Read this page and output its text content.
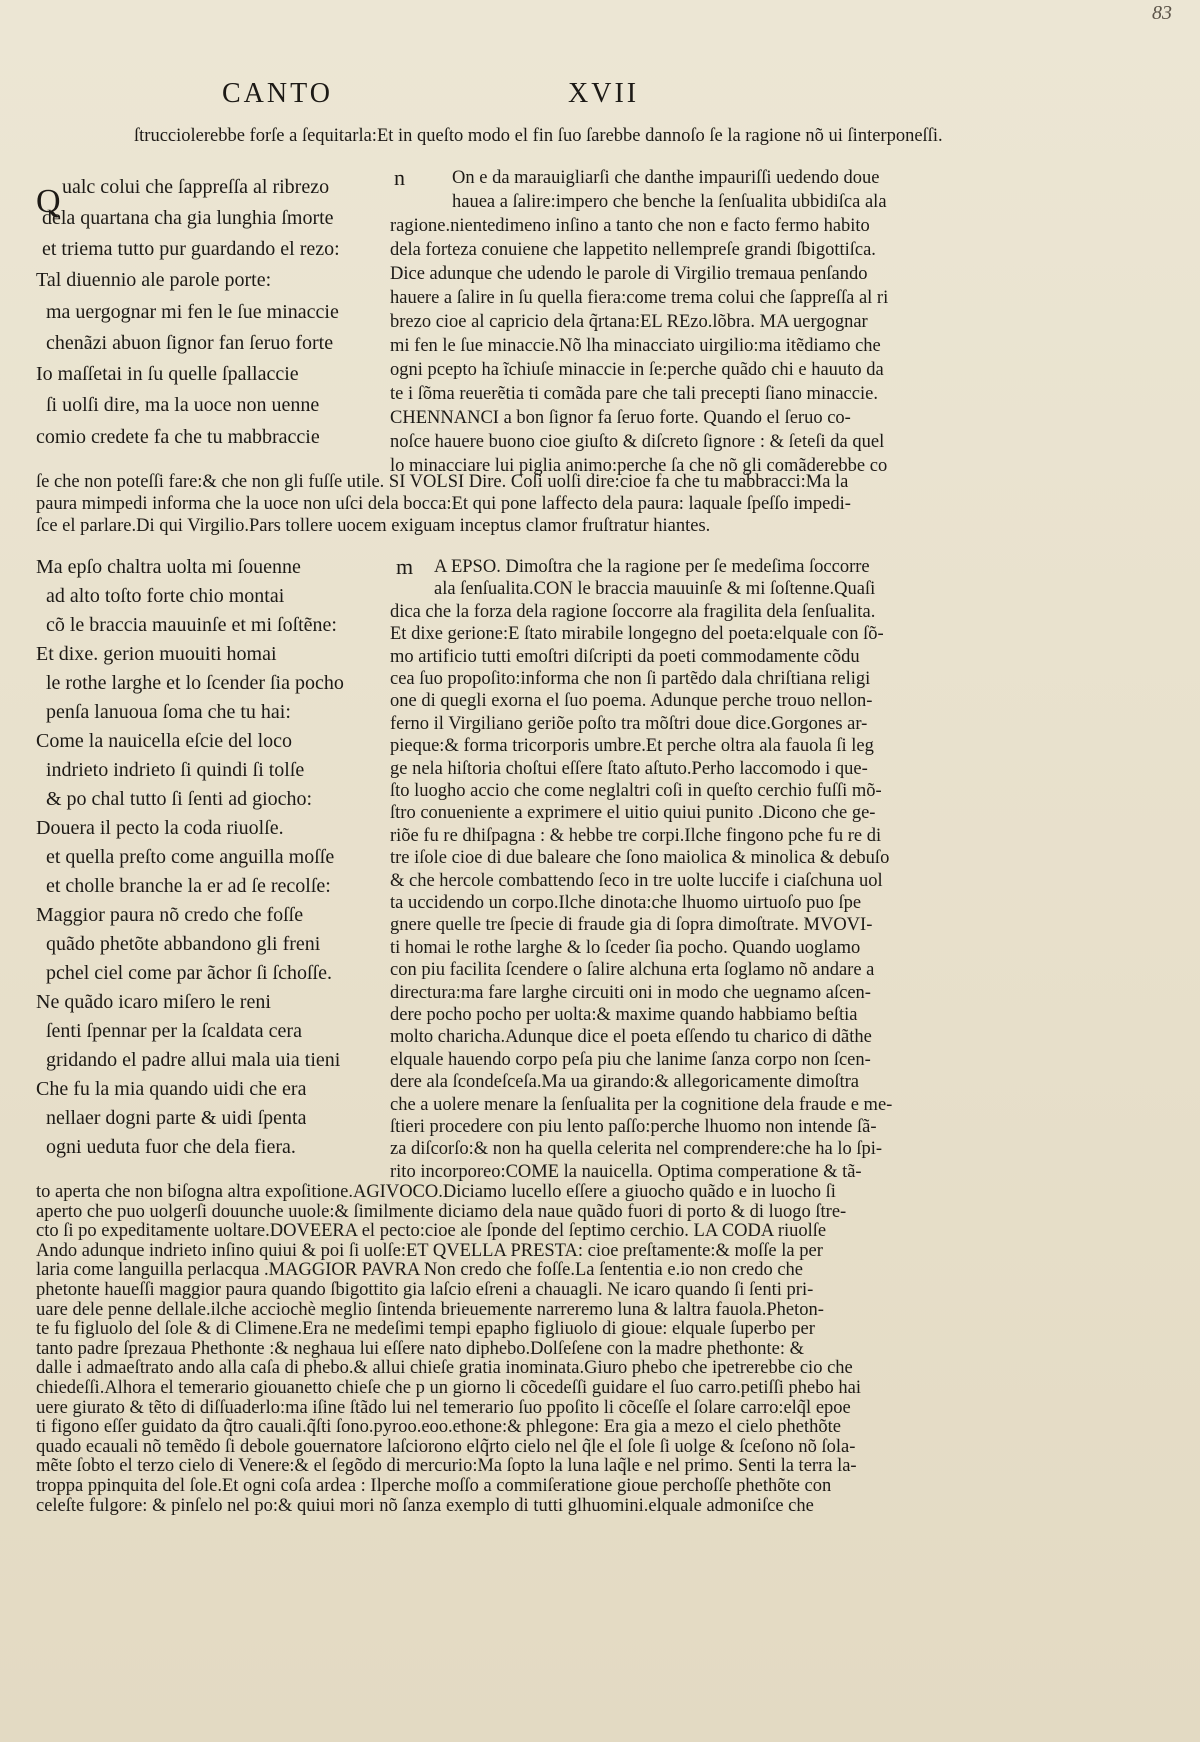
83
CANTO	XVII
ſtrucciolerebbe forſe a ſequitarla:Et in queſto modo el fin ſuo ſarebbe dannoſo ſe la ragione nõ ui ſinterponeſſi.
Q ualc colui che ſappreſſa al ribrezo
dela quartana cha gia lunghia ſmorte
et triema tutto pur guardando el rezo:
Tal diuennio ale parole porte:
ma uergognar mi fen le ſue minaccie
chenãzi abuon ſignor fan ſeruo forte
Io maſſetai in ſu quelle ſpallaccie
ſi uolſi dire, ma la uoce non uenne
comio credete fa che tu mabbraccie
n	On e da marauigliarſi che danthe impauriſſi uedendo doue
hauea a ſalire:impero che benche la ſenſualita ubbidiſca ala
ragione.nientedimeno inſino a tanto che non e facto fermo habito
dela forteza conuiene che lappetito nellempreſe grandi ſbigottiſca.
Dice adunque che udendo le parole di Virgilio tremaua penſando
hauere a ſalire in ſu quella fiera:come trema colui che ſappreſſa al ri
brezo cioe al capricio dela q̃rtana:EL REzo.lõbra. MA uergognar
mi fen le ſue minaccie.Nõ lha minacciato uirgilio:ma itẽdiamo che
ogni pcepto ha ĩchiuſe minaccie in ſe:perche quãdo chi e hauuto da
te i ſõma reuerẽtia ti comãda pare che tali precepti ſiano minaccie.
CHENNANCI a bon ſignor fa ſeruo forte. Quando el ſeruo co-
noſce hauere buono cioe giuſto & diſcreto ſignore : & ſeteſi da quel
lo minacciare lui piglia animo:perche ſa che nõ gli comãderebbe co
ſe che non poteſſi fare:& che non gli fuſſe utile. SI VOLSI Dire. Coſi uolſi dire:cioe fa che tu mabbracci:Ma la
paura mimpedi informa che la uoce non uſci dela bocca:Et qui pone laffecto dela paura: laquale ſpeſſo impedi-
ſce el parlare.Di qui Virgilio.Pars tollere uocem exiguam inceptus clamor fruſtratur hiantes.
Ma epſo chaltra uolta mi ſouenne
ad alto toſto forte chio montai
cõ le braccia mauuinſe et mi ſoſtẽne:
Et dixe. gerion muouiti homai
le rothe larghe et lo ſcender ſia pocho
penſa lanuoua ſoma che tu hai:
Come la nauicella eſcie del loco
indrieto indrieto ſi quindi ſi tolſe
& po chal tutto ſi ſenti ad giocho:
Douera il pecto la coda riuolſe.
et quella preſto come anguilla moſſe
et cholle branche la er ad ſe recolſe:
Maggior paura nõ credo che foſſe
quãdo phetõte abbandono gli freni
pchel ciel come par ãchor ſi ſchoſſe.
Ne quãdo icaro miſero le reni
ſenti ſpennar per la ſcaldata cera
gridando el padre allui mala uia tieni
Che fu la mia quando uidi che era
nellaer dogni parte & uidi ſpenta
ogni ueduta fuor che dela fiera.
m A EPSO. Dimoſtra che la ragione per ſe medeſima ſoccorre
ala ſenſualita.CON le braccia mauuinſe & mi ſoſtenne.Quaſi
dica che la forza dela ragione ſoccorre ala fragilita dela ſenſualita.
Et dixe gerione:E ſtato mirabile longegno del poeta:elquale con ſõ-
mo artificio tutti emoſtri diſcripti da poeti commodamente cõdu
cea ſuo propoſito:informa che non ſi partẽdo dala chriſtiana religi
one di quegli exorna el ſuo poema. Adunque perche trouo nellon-
ferno il Virgiliano geriõe poſto tra mõſtri doue dice.Gorgones ar-
pieque:& forma tricorporis umbre.Et perche oltra ala fauola ſi leg
ge nela hiſtoria choſtui eſſere ſtato aſtuto.Perho laccomodo i que-
ſto luogho accio che come neglaltri coſi in queſto cerchio fuſſi mõ-
ſtro conueniente a exprimere el uitio quiui punito .Dicono che ge-
riõe fu re dhiſpagna : & hebbe tre corpi.Ilche fingono pche fu re di
tre iſole cioe di due baleare che ſono maiolica & minolica & debuſo
& che hercole combattendo ſeco in tre uolte luccife i ciaſchuna uol
ta uccidendo un corpo.Ilche dinota:che lhuomo uirtuoſo puo ſpe
gnere quelle tre ſpecie di fraude gia di ſopra dimoſtrate. MVOVI-
ti homai le rothe larghe & lo ſceder ſia pocho. Quando uoglamo
con piu facilita ſcendere o ſalire alchuna erta ſoglamo nõ andare a
directura:ma fare larghe circuiti oni in modo che uegnamo aſcen-
dere pocho pocho per uolta:& maxime quando habbiamo beſtia
molto charicha.Adunque dice el poeta eſſendo tu charico di dãthe
elquale hauendo corpo peſa piu che lanime ſanza corpo non ſcen-
dere ala ſcondeſceſa.Ma ua girando:& allegoricamente dimoſtra
che a uolere menare la ſenſualita per la cognitione dela fraude e me-
ſtieri procedere con piu lento paſſo:perche lhuomo non intende ſã-
za diſcorſo:& non ha quella celerita nel comprendere:che ha lo ſpi-
rito incorporeo:COME la nauicella. Optima comperatione & tã-
to aperta che non biſogna altra expoſitione.AGIVOCO.Diciamo lucello eſſere a giuocho quãdo e in luocho ſi
aperto che puo uolgerſi douunche uuole:& ſimilmente diciamo dela naue quãdo fuori di porto & di luogo ſtre-
cto ſi po expeditamente uoltare.DOVEERA el pecto:cioe ale ſponde del ſeptimo cerchio. LA CODA riuolſe
Ando adunque indrieto inſino quiui & poi ſi uolſe:ET QVELLA PRESTA: cioe preſtamente:& moſſe la per
laria come languilla perlacqua .MAGGIOR PAVRA Non credo che foſſe.La ſententia e.io non credo che
phetonte haueſſi maggior paura quando ſbigottito gia laſcio eſreni a chauagli. Ne icaro quando ſi ſenti pri-
uare dele penne dellale.ilche acciochè meglio ſintenda brieuemente narreremo luna & laltra fauola.Pheton-
te fu figluolo del ſole & di Climene.Era ne medeſimi tempi epapho figliuolo di gioue: elquale ſuperbo per
tanto padre ſprezaua Phethonte :& neghaua lui eſſere nato diphebo.Dolſeſene con la madre phethonte: &
dalle i admaeſtrato ando alla caſa di phebo.& allui chieſe gratia inominata.Giuro phebo che ipetrerebbe cio che
chiedeſſi.Alhora el temerario giouanetto chieſe che p un giorno li cõcedeſſi guidare el ſuo carro.petiſſi phebo hai
uere giurato & tẽto di diſſuaderlo:ma iſine ſtãdo lui nel temerario ſuo ppoſito li cõceſſe el ſolare carro:elq̃l epoe
ti figono eſſer guidato da q̃tro cauali.q̃ſti ſono.pyroo.eoo.ethone:& phlegone: Era gia a mezo el cielo phethõte
quado ecauali nõ temẽdo ſi debole gouernatore laſciorono elq̃rto cielo nel q̃le el ſole ſi uolge & ſceſono nõ ſola-
mẽte ſobto el terzo cielo di Venere:& el ſegõdo di mercurio:Ma ſopto la luna laq̃le e nel primo. Senti la terra la-
troppa ppinquita del ſole.Et ogni coſa ardea : Ilperche moſſo a commiſeratione gioue perchoſſe phethõte con
celeſte fulgore: & pinſelo nel po:& quiui mori nõ ſanza exemplo di tutti glhuomini.elquale admoniſce che
